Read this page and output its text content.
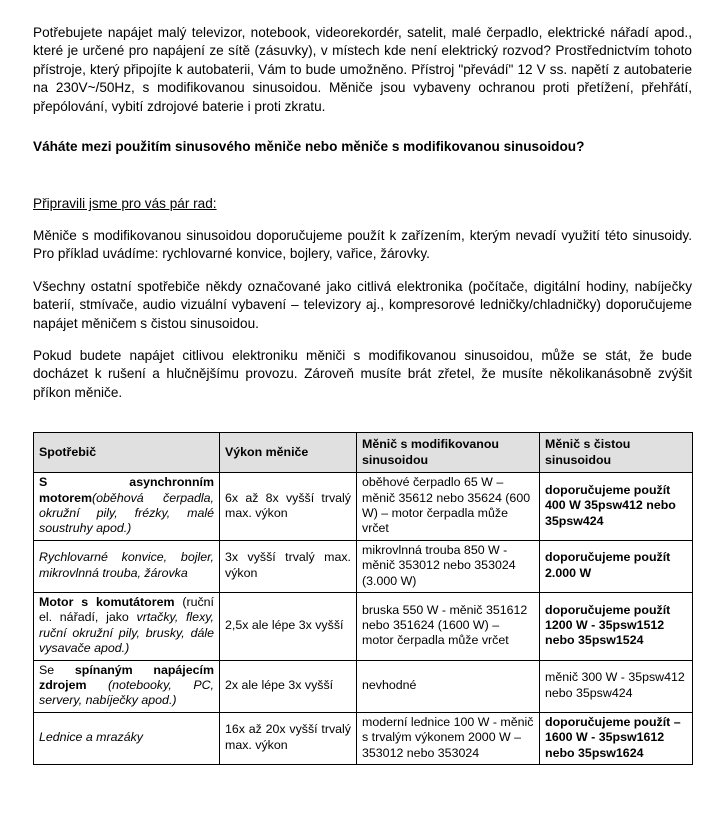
Potřebujete napájet malý televizor, notebook, videorekordér, satelit, malé čerpadlo, elektrické nářadí apod., které je určené pro napájení ze sítě (zásuvky), v místech kde není elektrický rozvod? Prostřednictvím tohoto přístroje, který připojíte k autobaterii, Vám to bude umožněno. Přístroj "převádí" 12 V ss. napětí z autobaterie na 230V~/50Hz, s modifikovanou sinusoidou. Měniče jsou vybaveny ochranou proti přetížení, přehřátí, přepólování, vybití zdrojové baterie i proti zkratu.

Váháte mezi použitím sinusového měniče nebo měniče s modifikovanou sinusoidou?

Připravili jsme pro vás pár rad:

Měniče s modifikovanou sinusoidou doporučujeme použít k zařízením, kterým nevadí využití této sinusoidy. Pro příklad uvádíme: rychlovarné konvice, bojlery, vařice, žárovky.

Všechny ostatní spotřebiče někdy označované jako citlivá elektronika (počítače, digitální hodiny, nabíječky baterií, stmívače, audio vizuální vybavení – televizory aj., kompresorové ledničky/chladničky) doporučujeme napájet měničem s čistou sinusoidou.

Pokud budete napájet citlivou elektroniku měniči s modifikovanou sinusoidou, může se stát, že bude docházet k rušení a hlučnějšímu provozu. Zároveň musíte brát zřetel, že musíte několikanásobně zvýšit příkon měniče.

Spotřebič	Výkon měniče	Měnič s modifikovanou sinusoidou	Měnič s čistou sinusoidou
S asynchronním motorem(oběhová čerpadla, okružní pily, frézky, malé soustruhy apod.)	6x až 8x vyšší trvalý max. výkon	oběhové čerpadlo 65 W – měnič 35612 nebo 35624 (600 W) – motor čerpadla může vrčet	doporučujeme použít 400 W 35psw412 nebo 35psw424
Rychlovarné konvice, bojler, mikrovlnná trouba, žárovka	3x vyšší trvalý max. výkon	mikrovlnná trouba 850 W - měnič 353012 nebo 353024 (3.000 W)	doporučujeme použít 2.000 W
Motor s komutátorem (ruční el. nářadí, jako vrtačky, flexy, ruční okružní pily, brusky, dále vysavače apod.)	2,5x ale lépe 3x vyšší	bruska 550 W - měnič 351612 nebo 351624 (1600 W) – motor čerpadla může vrčet	doporučujeme použít 1200 W - 35psw1512 nebo 35psw1524
Se spínaným napájecím zdrojem (notebooky, PC, servery, nabíječky apod.)	2x ale lépe 3x vyšší	nevhodné	měnič 300 W - 35psw412 nebo 35psw424
Lednice a mrazáky	16x až 20x vyšší trvalý max. výkon	moderní lednice 100 W - měnič s trvalým výkonem 2000 W – 353012 nebo 353024	doporučujeme použít – 1600 W - 35psw1612 nebo 35psw1624
